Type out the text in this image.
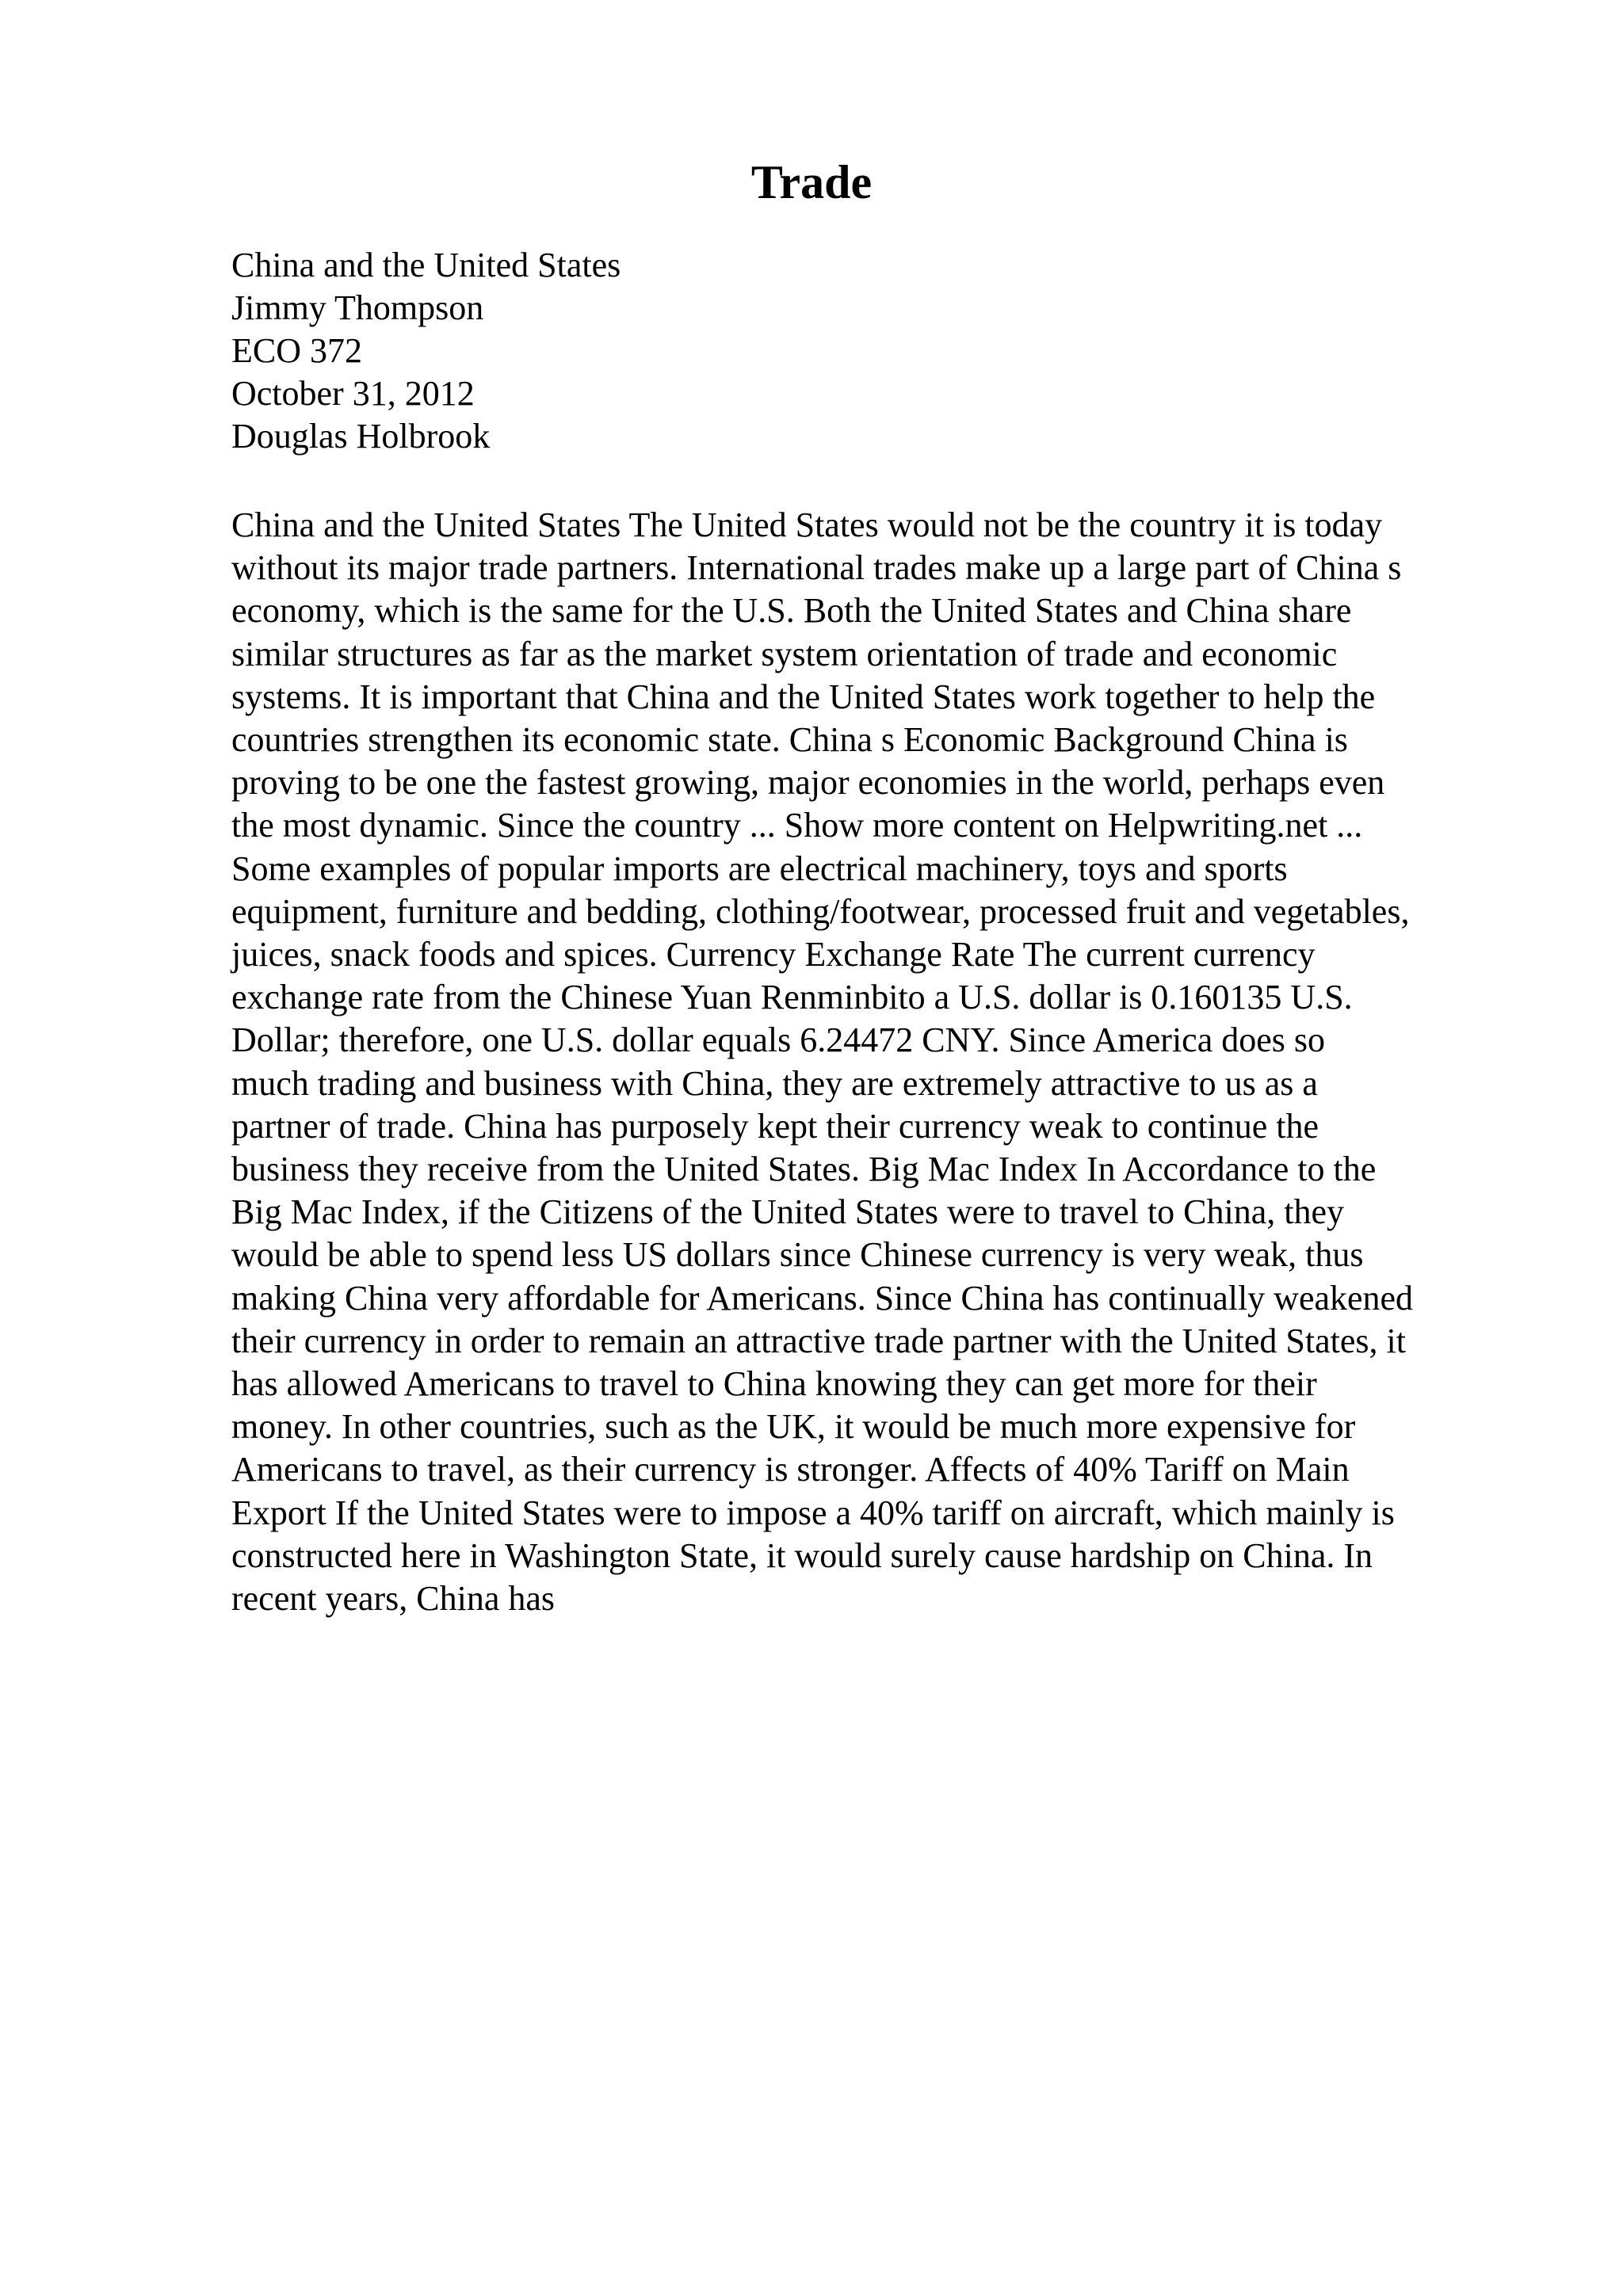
Trade
China and the United States
Jimmy Thompson
ECO 372
October 31, 2012
Douglas Holbrook
China and the United States The United States would not be the country it is today
without its major trade partners. International trades make up a large part of China s
economy, which is the same for the U.S. Both the United States and China share
similar structures as far as the market system orientation of trade and economic
systems. It is important that China and the United States work together to help the
countries strengthen its economic state. China s Economic Background China is
proving to be one the fastest growing, major economies in the world, perhaps even
the most dynamic. Since the country ... Show more content on Helpwriting.net ...
Some examples of popular imports are electrical machinery, toys and sports
equipment, furniture and bedding, clothing/footwear, processed fruit and vegetables,
juices, snack foods and spices. Currency Exchange Rate The current currency
exchange rate from the Chinese Yuan Renminbito a U.S. dollar is 0.160135 U.S.
Dollar; therefore, one U.S. dollar equals 6.24472 CNY. Since America does so
much trading and business with China, they are extremely attractive to us as a
partner of trade. China has purposely kept their currency weak to continue the
business they receive from the United States. Big Mac Index In Accordance to the
Big Mac Index, if the Citizens of the United States were to travel to China, they
would be able to spend less US dollars since Chinese currency is very weak, thus
making China very affordable for Americans. Since China has continually weakened
their currency in order to remain an attractive trade partner with the United States, it
has allowed Americans to travel to China knowing they can get more for their
money. In other countries, such as the UK, it would be much more expensive for
Americans to travel, as their currency is stronger. Affects of 40% Tariff on Main
Export If the United States were to impose a 40% tariff on aircraft, which mainly is
constructed here in Washington State, it would surely cause hardship on China. In
recent years, China has
